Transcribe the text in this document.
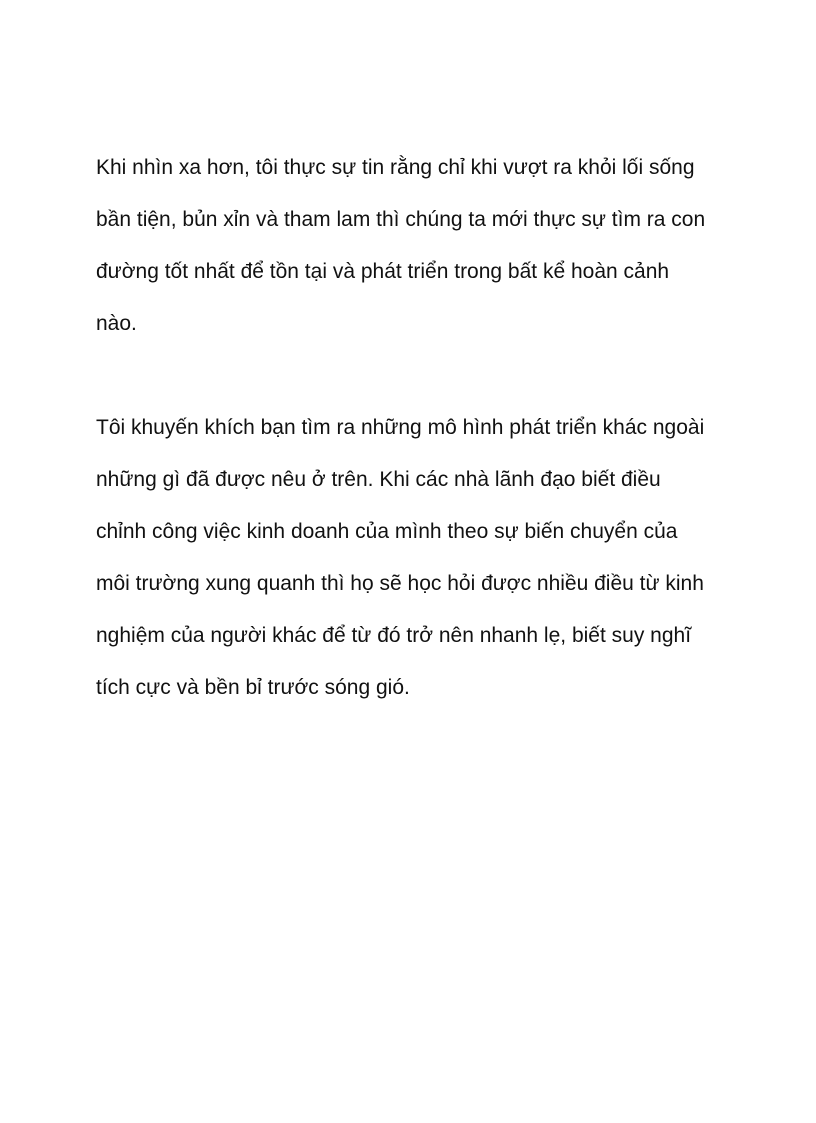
Khi nhìn xa hơn, tôi thực sự tin rằng chỉ khi vượt ra khỏi lối sống

bần tiện, bủn xỉn và tham lam thì chúng ta mới thực sự tìm ra con

đường tốt nhất để tồn tại và phát triển trong bất kể hoàn cảnh

nào.

Tôi khuyến khích bạn tìm ra những mô hình phát triển khác ngoài

những gì đã được nêu ở trên. Khi các nhà lãnh đạo biết điều

chỉnh công việc kinh doanh của mình theo sự biến chuyển của

môi trường xung quanh thì họ sẽ học hỏi được nhiều điều từ kinh

nghiệm của người khác để từ đó trở nên nhanh lẹ, biết suy nghĩ

tích cực và bền bỉ trước sóng gió.
